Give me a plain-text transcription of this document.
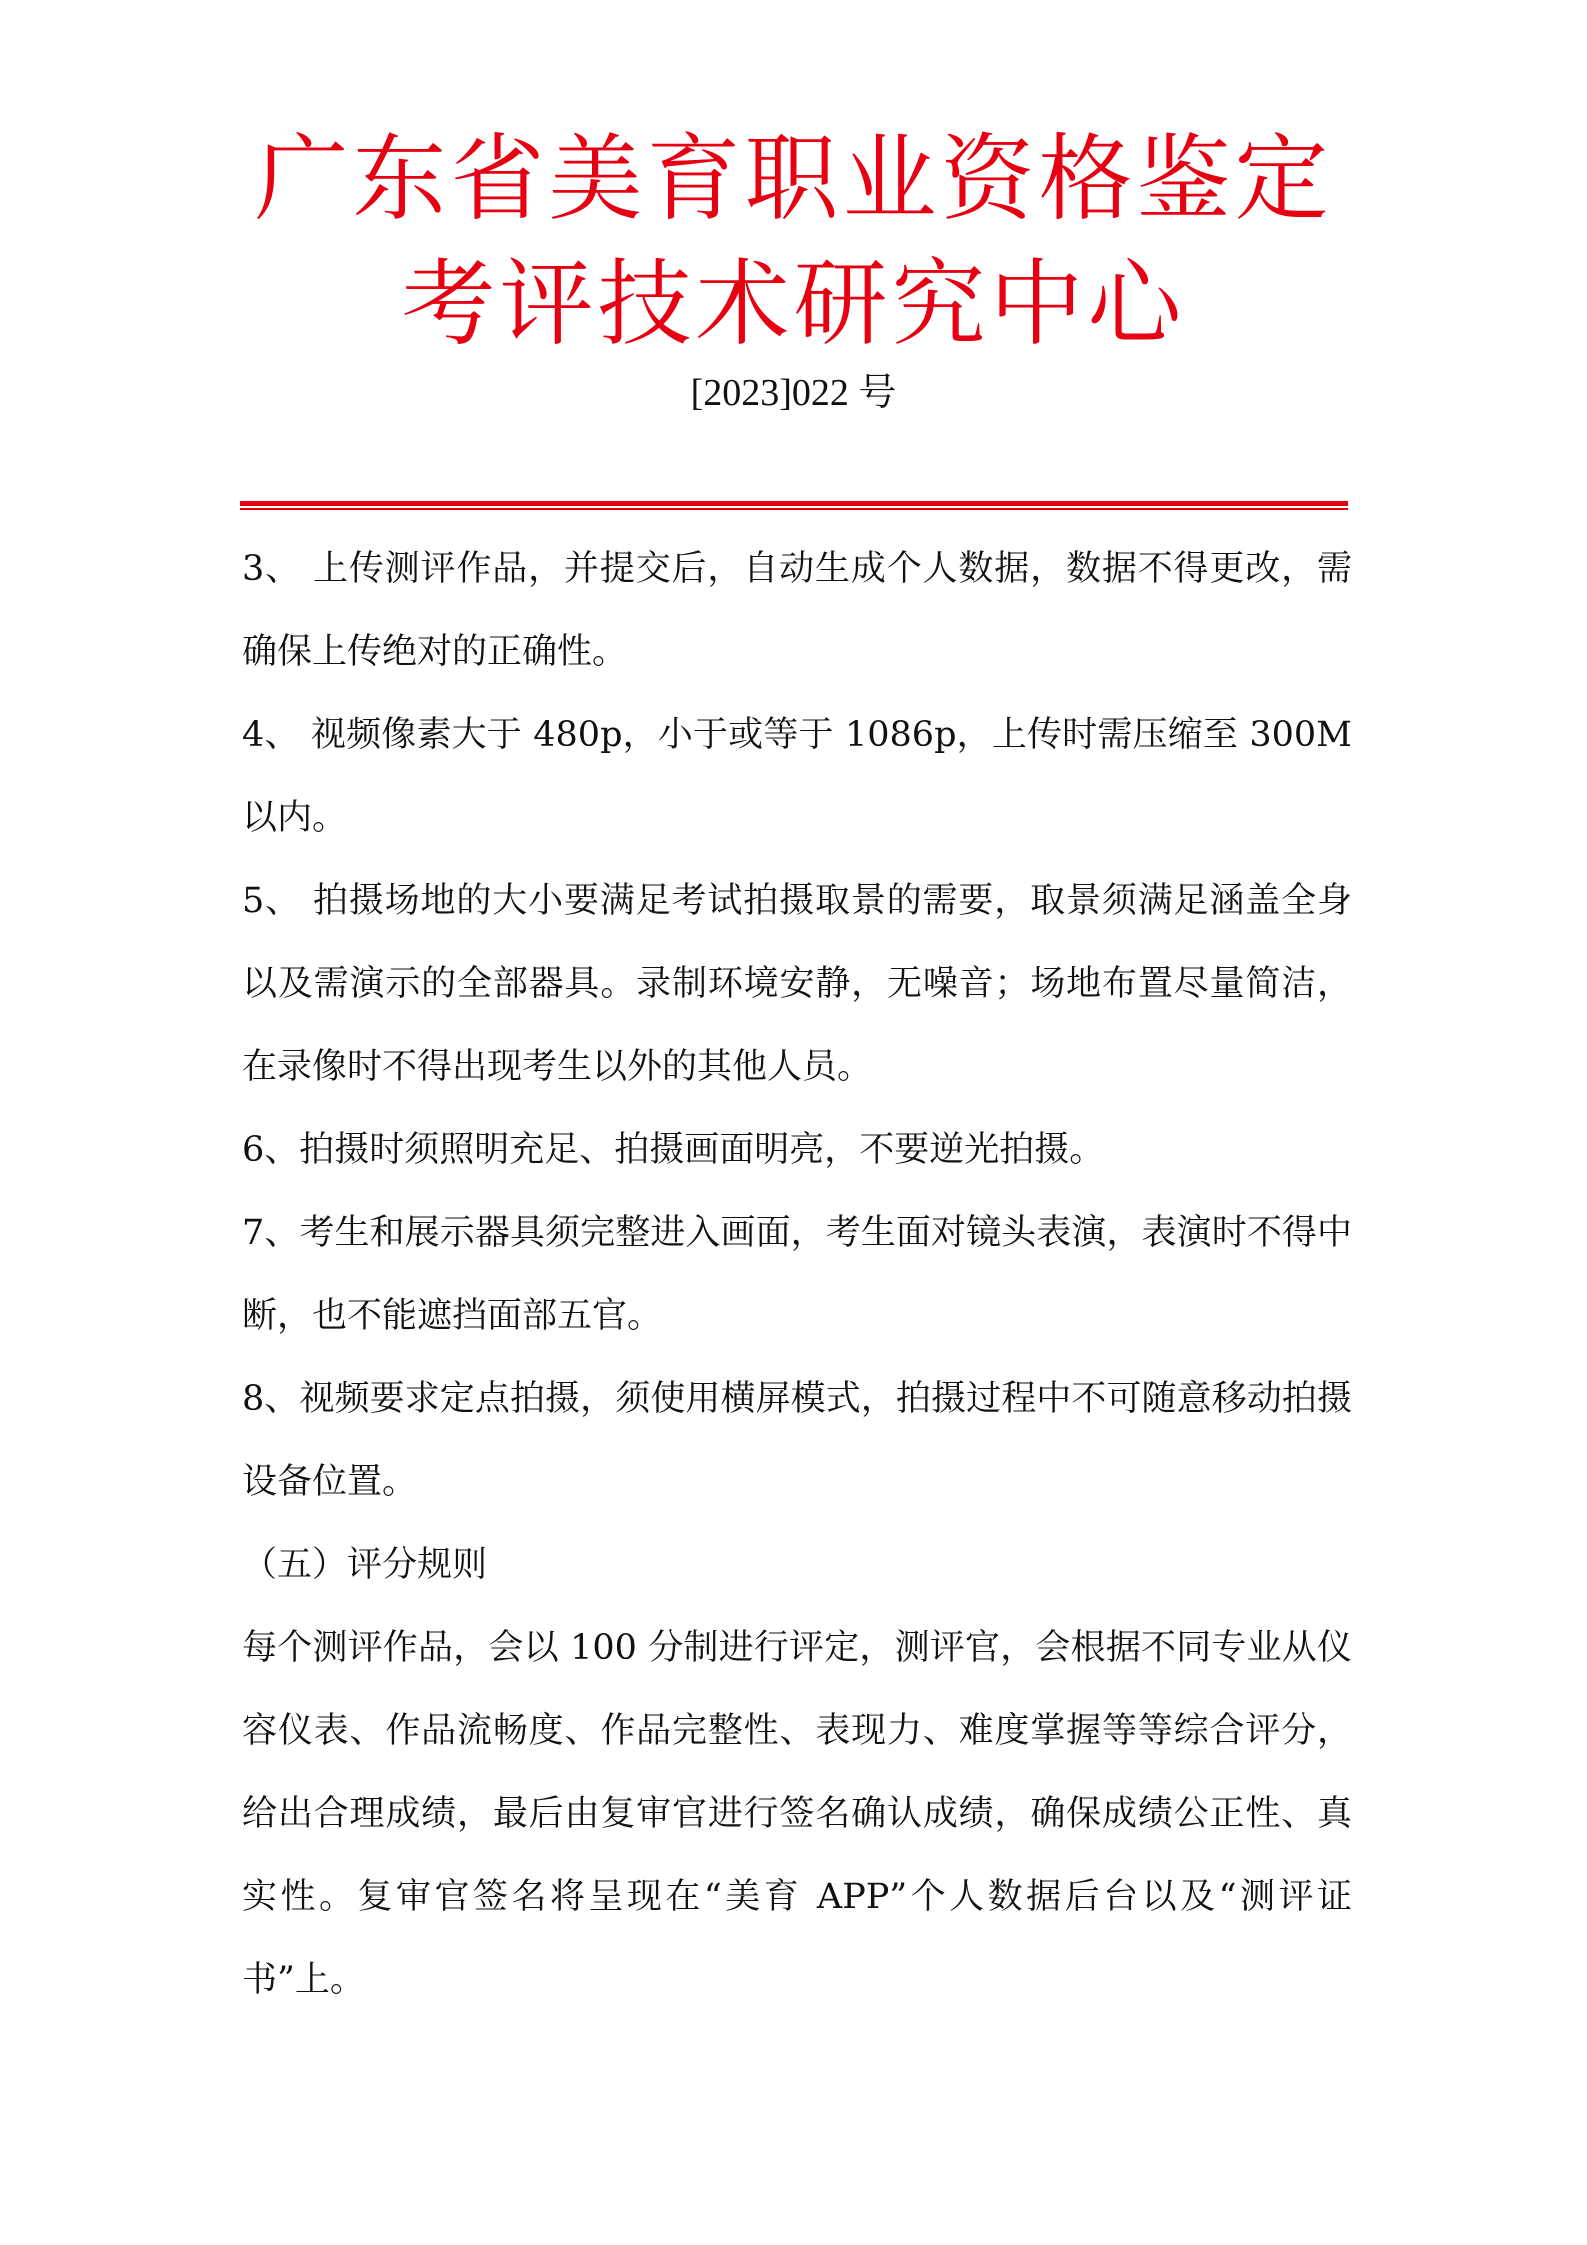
广东省美育职业资格鉴定
考评技术研究中心
[2023]022 号

3、 上传测评作品，并提交后，自动生成个人数据，数据不得更改，需确保上传绝对的正确性。

4、 视频像素大于 480p，小于或等于 1086p，上传时需压缩至 300M 以内。

5、 拍摄场地的大小要满足考试拍摄取景的需要，取景须满足涵盖全身以及需演示的全部器具。录制环境安静，无噪音；场地布置尽量简洁，在录像时不得出现考生以外的其他人员。

6、拍摄时须照明充足、拍摄画面明亮，不要逆光拍摄。

7、考生和展示器具须完整进入画面，考生面对镜头表演，表演时不得中断，也不能遮挡面部五官。

8、视频要求定点拍摄，须使用横屏模式，拍摄过程中不可随意移动拍摄设备位置。

（五）评分规则

每个测评作品，会以 100 分制进行评定，测评官，会根据不同专业从仪容仪表、作品流畅度、作品完整性、表现力、难度掌握等等综合评分，给出合理成绩，最后由复审官进行签名确认成绩，确保成绩公正性、真实性。复审官签名将呈现在“美育 APP”个人数据后台以及“测评证书”上。
